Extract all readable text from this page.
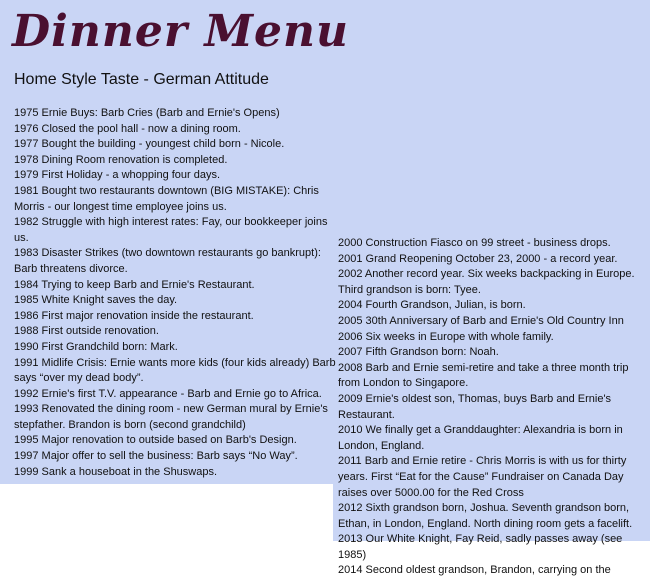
Dinner Menu
Home Style Taste - German Attitude
1975 Ernie Buys: Barb Cries (Barb and Ernie's Opens)
1976 Closed the pool hall - now a dining room.
1977 Bought the building - youngest child born - Nicole.
1978 Dining Room renovation is completed.
1979 First Holiday - a whopping four days.
1981 Bought two restaurants downtown (BIG MISTAKE): Chris Morris - our longest time employee joins us.
1982 Struggle with high interest rates: Fay, our bookkeeper joins us.
1983 Disaster Strikes (two downtown restaurants go bankrupt): Barb threatens divorce.
1984 Trying to keep Barb and Ernie's Restaurant.
1985 White Knight saves the day.
1986 First major renovation inside the restaurant.
1988 First outside renovation.
1990 First Grandchild born: Mark.
1991 Midlife Crisis: Ernie wants more kids (four kids already) Barb says “over my dead body”.
1992 Ernie's first T.V. appearance - Barb and Ernie go to Africa.
1993 Renovated the dining room - new German mural by Ernie's stepfather. Brandon is born (second grandchild)
1995 Major renovation to outside based on Barb's Design.
1997 Major offer to sell the business: Barb says “No Way”.
1999 Sank a houseboat in the Shuswaps.
2000 Construction Fiasco on 99 street - business drops.
2001 Grand Reopening October 23, 2000 - a record year.
2002 Another record year. Six weeks backpacking in Europe. Third grandson is born: Tyee.
2004 Fourth Grandson, Julian, is born.
2005 30th Anniversary of Barb and Ernie's Old Country Inn
2006 Six weeks in Europe with whole family.
2007 Fifth Grandson born: Noah.
2008 Barb and Ernie semi-retire and take a three month trip from London to Singapore.
2009 Ernie's oldest son, Thomas, buys Barb and Ernie's Restaurant.
2010 We finally get a Granddaughter: Alexandria is born in London, England.
2011 Barb and Ernie retire - Chris Morris is with us for thirty years. First “Eat for the Cause” Fundraiser on Canada Day raises over 5000.00 for the Red Cross
2012 Sixth grandson born, Joshua. Seventh grandson born, Ethan, in London, England. North dining room gets a facelift.
2013 Our White Knight, Fay Reid, sadly passes away (see 1985)
2014 Second oldest grandson, Brandon, carrying on the
